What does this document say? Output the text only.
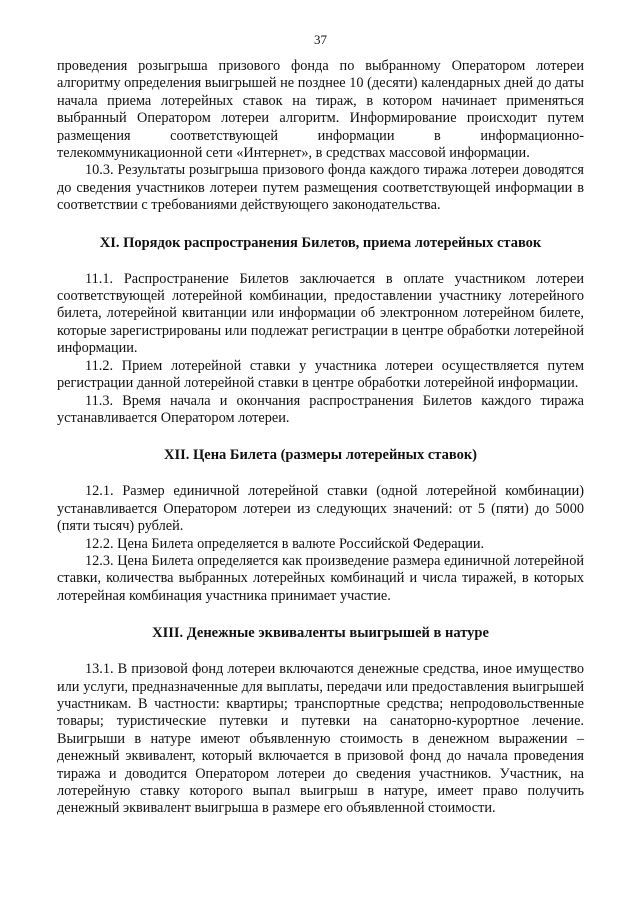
37

проведения розыгрыша призового фонда по выбранному Оператором лотереи алгоритму определения выигрышей не позднее 10 (десяти) календарных дней до даты начала приема лотерейных ставок на тираж, в котором начинает применяться выбранный Оператором лотереи алгоритм. Информирование происходит путем размещения соответствующей информации в информационно-телекоммуникационной сети «Интернет», в средствах массовой информации.

10.3. Результаты розыгрыша призового фонда каждого тиража лотереи доводятся до сведения участников лотереи путем размещения соответствующей информации в соответствии с требованиями действующего законодательства.

XI. Порядок распространения Билетов, приема лотерейных ставок

11.1. Распространение Билетов заключается в оплате участником лотереи соответствующей лотерейной комбинации, предоставлении участнику лотерейного билета, лотерейной квитанции или информации об электронном лотерейном билете, которые зарегистрированы или подлежат регистрации в центре обработки лотерейной информации.

11.2. Прием лотерейной ставки у участника лотереи осуществляется путем регистрации данной лотерейной ставки в центре обработки лотерейной информации.

11.3. Время начала и окончания распространения Билетов каждого тиража устанавливается Оператором лотереи.

XII. Цена Билета (размеры лотерейных ставок)

12.1. Размер единичной лотерейной ставки (одной лотерейной комбинации) устанавливается Оператором лотереи из следующих значений: от 5 (пяти) до 5000 (пяти тысяч) рублей.

12.2. Цена Билета определяется в валюте Российской Федерации.

12.3. Цена Билета определяется как произведение размера единичной лотерейной ставки, количества выбранных лотерейных комбинаций и числа тиражей, в которых лотерейная комбинация участника принимает участие.

XIII. Денежные эквиваленты выигрышей в натуре

13.1. В призовой фонд лотереи включаются денежные средства, иное имущество или услуги, предназначенные для выплаты, передачи или предоставления выигрышей участникам. В частности: квартиры; транспортные средства; непродовольственные товары; туристические путевки и путевки на санаторно-курортное лечение. Выигрыши в натуре имеют объявленную стоимость в денежном выражении –денежный эквивалент, который включается в призовой фонд до начала проведения тиража и доводится Оператором лотереи до сведения участников. Участник, на лотерейную ставку которого выпал выигрыш в натуре, имеет право получить денежный эквивалент выигрыша в размере его объявленной стоимости.
